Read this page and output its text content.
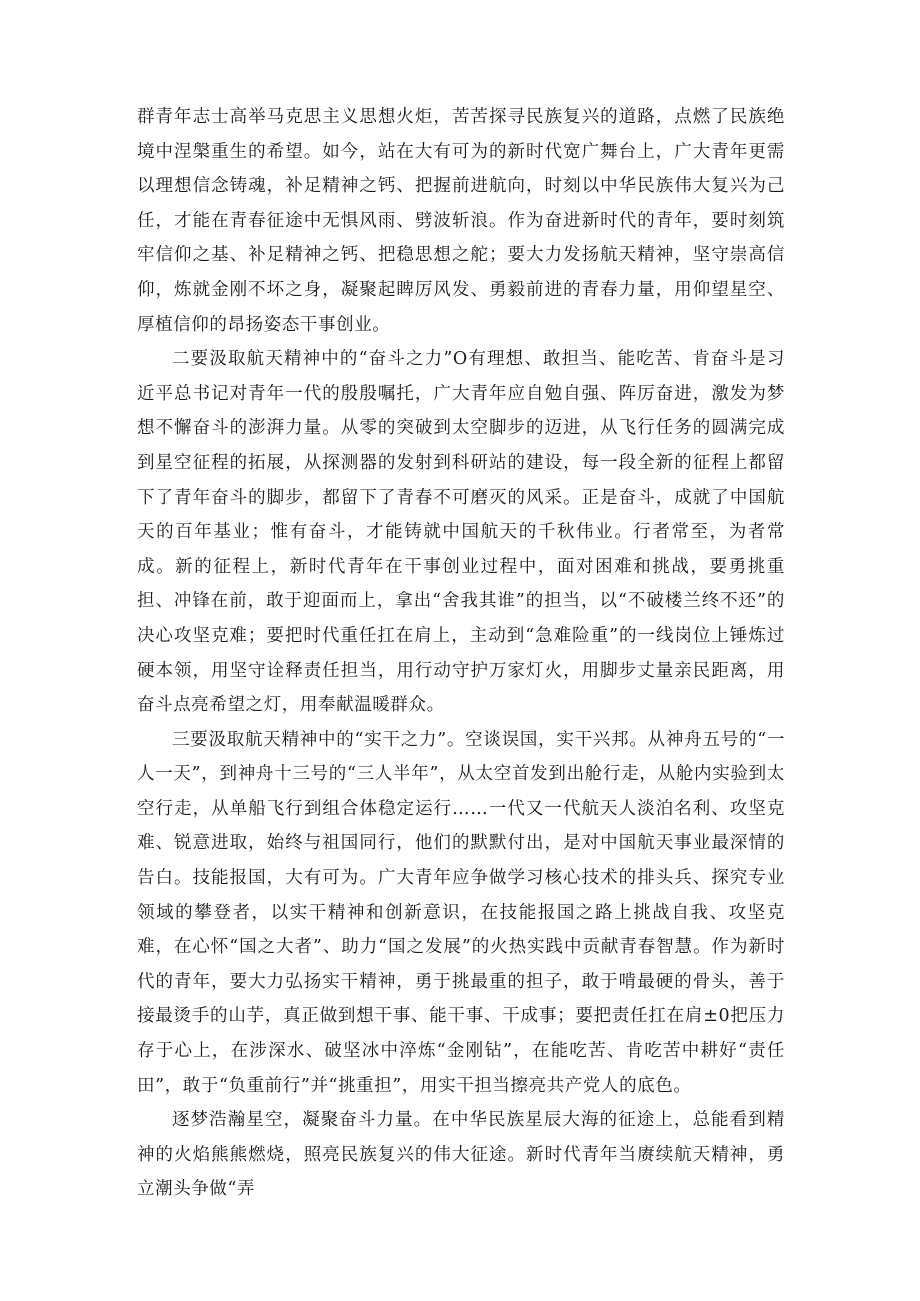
群青年志士高举马克思主义思想火炬，苦苦探寻民族复兴的道路，点燃了民族绝境中涅槃重生的希望。如今，站在大有可为的新时代宽广舞台上，广大青年更需以理想信念铸魂，补足精神之钙、把握前进航向，时刻以中华民族伟大复兴为己任，才能在青春征途中无惧风雨、劈波斩浪。作为奋进新时代的青年，要时刻筑牢信仰之基、补足精神之钙、把稳思想之舵；要大力发扬航天精神，坚守崇高信仰，炼就金刚不坏之身，凝聚起睥厉风发、勇毅前进的青春力量，用仰望星空、厚植信仰的昂扬姿态干事创业。

二要汲取航天精神中的“奋斗之力”O有理想、敢担当、能吃苦、肯奋斗是习近平总书记对青年一代的殷殷嘱托，广大青年应自勉自强、阵厉奋进，激发为梦想不懈奋斗的澎湃力量。从零的突破到太空脚步的迈进，从飞行任务的圆满完成到星空征程的拓展，从探测器的发射到科研站的建设，每一段全新的征程上都留下了青年奋斗的脚步，都留下了青春不可磨灭的风采。正是奋斗，成就了中国航天的百年基业；惟有奋斗，才能铸就中国航天的千秋伟业。行者常至，为者常成。新的征程上，新时代青年在干事创业过程中，面对困难和挑战，要勇挑重担、冲锋在前，敢于迎面而上，拿出“舍我其谁”的担当，以“不破楼兰终不还”的决心攻坚克难；要把时代重任扛在肩上，主动到“急难险重”的一线岗位上锤炼过硬本领，用坚守诠释责任担当，用行动守护万家灯火，用脚步丈量亲民距离，用奋斗点亮希望之灯，用奉献温暖群众。

三要汲取航天精神中的“实干之力”。空谈误国，实干兴邦。从神舟五号的“一人一天”，到神舟十三号的“三人半年”，从太空首发到出舱行走，从舱内实验到太空行走，从单船飞行到组合体稳定运行……一代又一代航天人淡泊名利、攻坚克难、锐意进取，始终与祖国同行，他们的默默付出，是对中国航天事业最深情的告白。技能报国，大有可为。广大青年应争做学习核心技术的排头兵、探究专业领域的攀登者，以实干精神和创新意识，在技能报国之路上挑战自我、攻坚克难，在心怀“国之大者”、助力“国之发展”的火热实践中贡献青春智慧。作为新时代的青年，要大力弘扬实干精神，勇于挑最重的担子，敢于啃最硬的骨头，善于接最烫手的山芋，真正做到想干事、能干事、干成事；要把责任扛在肩±0把压力存于心上，在涉深水、破坚冰中淬炼“金刚钻”，在能吃苦、肯吃苦中耕好“责任田”，敢于“负重前行”并“挑重担”，用实干担当擦亮共产党人的底色。

逐梦浩瀚星空，凝聚奋斗力量。在中华民族星辰大海的征途上，总能看到精神的火焰熊熊燃烧，照亮民族复兴的伟大征途。新时代青年当赓续航天精神，勇立潮头争做“弄
